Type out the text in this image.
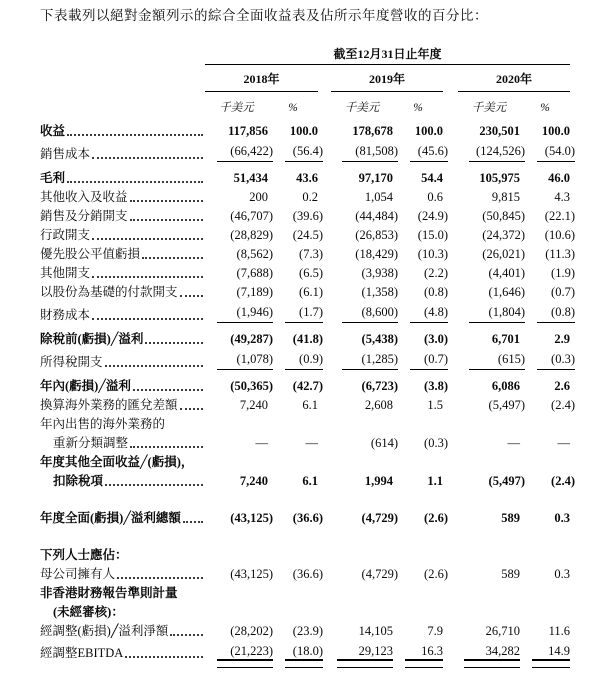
下表載列以絕對金額列示的綜合全面收益表及佔所示年度營收的百分比：

截至12月31日止年度
2018年	2019年	2020年
千美元	%	千美元	%	千美元	%
收益	117,856	100.0	178,678	100.0	230,501	100.0
銷售成本	(66,422)	(56.4)	(81,508)	(45.6)	(124,526)	(54.0)
毛利	51,434	43.6	97,170	54.4	105,975	46.0
其他收入及收益	200	0.2	1,054	0.6	9,815	4.3
銷售及分銷開支	(46,707)	(39.6)	(44,484)	(24.9)	(50,845)	(22.1)
行政開支	(28,829)	(24.5)	(26,853)	(15.0)	(24,372)	(10.6)
優先股公平值虧損	(8,562)	(7.3)	(18,429)	(10.3)	(26,021)	(11.3)
其他開支	(7,688)	(6.5)	(3,938)	(2.2)	(4,401)	(1.9)
以股份為基礎的付款開支	(7,189)	(6.1)	(1,358)	(0.8)	(1,646)	(0.7)
財務成本	(1,946)	(1.7)	(8,600)	(4.8)	(1,804)	(0.8)
除稅前(虧損)╱溢利	(49,287)	(41.8)	(5,438)	(3.0)	6,701	2.9
所得稅開支	(1,078)	(0.9)	(1,285)	(0.7)	(615)	(0.3)
年內(虧損)╱溢利	(50,365)	(42.7)	(6,723)	(3.8)	6,086	2.6
換算海外業務的匯兌差額	7,240	6.1	2,608	1.5	(5,497)	(2.4)
年內出售的海外業務的
重新分類調整	—	—	(614)	(0.3)	—	—
年度其他全面收益╱(虧損)，
扣除稅項	7,240	6.1	1,994	1.1	(5,497)	(2.4)
年度全面(虧損)╱溢利總額	(43,125)	(36.6)	(4,729)	(2.6)	589	0.3
下列人士應佔：
母公司擁有人	(43,125)	(36.6)	(4,729)	(2.6)	589	0.3
非香港財務報告準則計量
(未經審核)：
經調整(虧損)╱溢利淨額	(28,202)	(23.9)	14,105	7.9	26,710	11.6
經調整EBITDA	(21,223)	(18.0)	29,123	16.3	34,282	14.9
